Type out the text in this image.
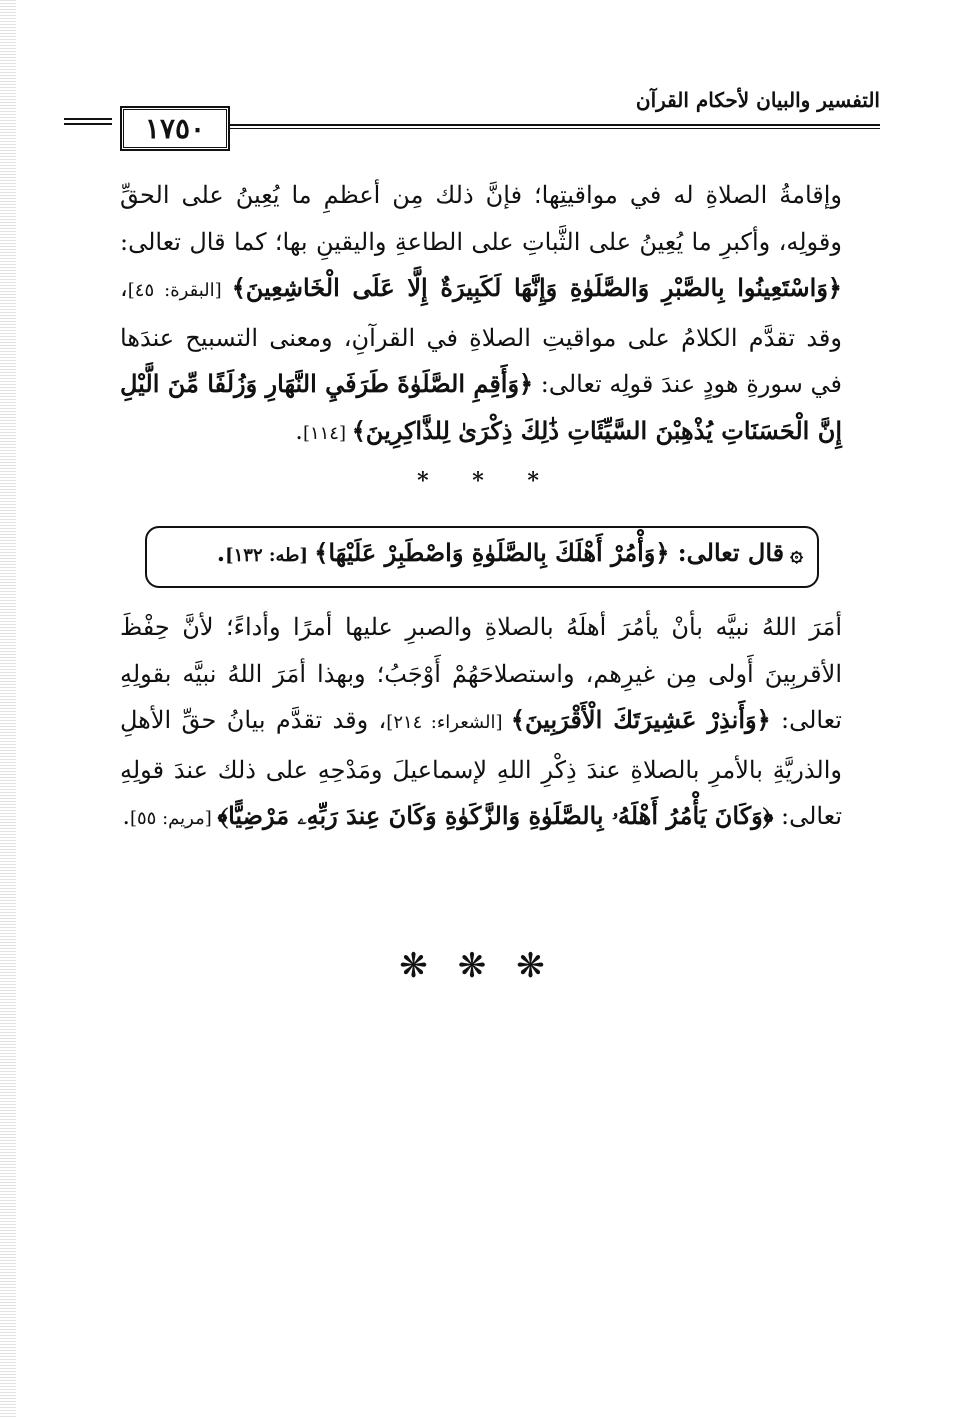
التفسير والبيان لأحكام القرآن
١٧٥٠
وإقامةُ الصلاةِ له في مواقيتِها؛ فإنَّ ذلك مِن أعظمِ ما يُعِينُ على الحقِّ وقولِه، وأكبرِ ما يُعِينُ على الثَّباتِ على الطاعةِ واليقينِ بها؛ كما قال تعالى: ﴿وَاسْتَعِينُوا بِالصَّبْرِ وَالصَّلَوٰةِ وَإِنَّهَا لَكَبِيرَةٌ إِلَّا عَلَى الْخَاشِعِينَ﴾ [البقرة: ٤٥]، وقد تقدَّم الكلامُ على مواقيتِ الصلاةِ في القرآنِ، ومعنى التسبيح عندَها في سورةِ هودٍ عندَ قولِه تعالى: ﴿وَأَقِمِ الصَّلَوٰةَ طَرَفَيِ النَّهَارِ وَزُلَفًا مِّنَ الَّيْلِ إِنَّ الْحَسَنَاتِ يُذْهِبْنَ السَّيِّئَاتِ ذَٰلِكَ ذِكْرَىٰ لِلذَّاكِرِينَ﴾ [١١٤].
* * *
۞قال تعالى: ﴿وَأْمُرْ أَهْلَكَ بِالصَّلَوٰةِ وَاصْطَبِرْ عَلَيْهَا﴾ [طه: ١٣٢].
أمَرَ اللهُ نبيَّه بأنْ يأمُرَ أهلَهُ بالصلاةِ والصبرِ عليها أمرًا وأداءً؛ لأنَّ حِفْظَ الأقربِينَ أَولى مِن غيرِهم، واستصلاحَهُمْ أَوْجَبُ؛ وبهذا أمَرَ اللهُ نبيَّه بقولِهِ تعالى: ﴿وَأَنذِرْ عَشِيرَتَكَ الْأَقْرَبِينَ﴾ [الشعراء: ٢١٤]، وقد تقدَّم بيانُ حقِّ الأهلِ والذريَّةِ بالأمرِ بالصلاةِ عندَ ذِكْرِ اللهِ لإسماعيلَ ومَدْحِهِ على ذلك عندَ قولِهِ تعالى: ﴿وَكَانَ يَأْمُرُ أَهْلَهُۥ بِالصَّلَوٰةِ وَالزَّكَوٰةِ وَكَانَ عِندَ رَبِّهِۦ مَرْضِيًّا﴾ [مريم: ٥٥].
❋❋❋
